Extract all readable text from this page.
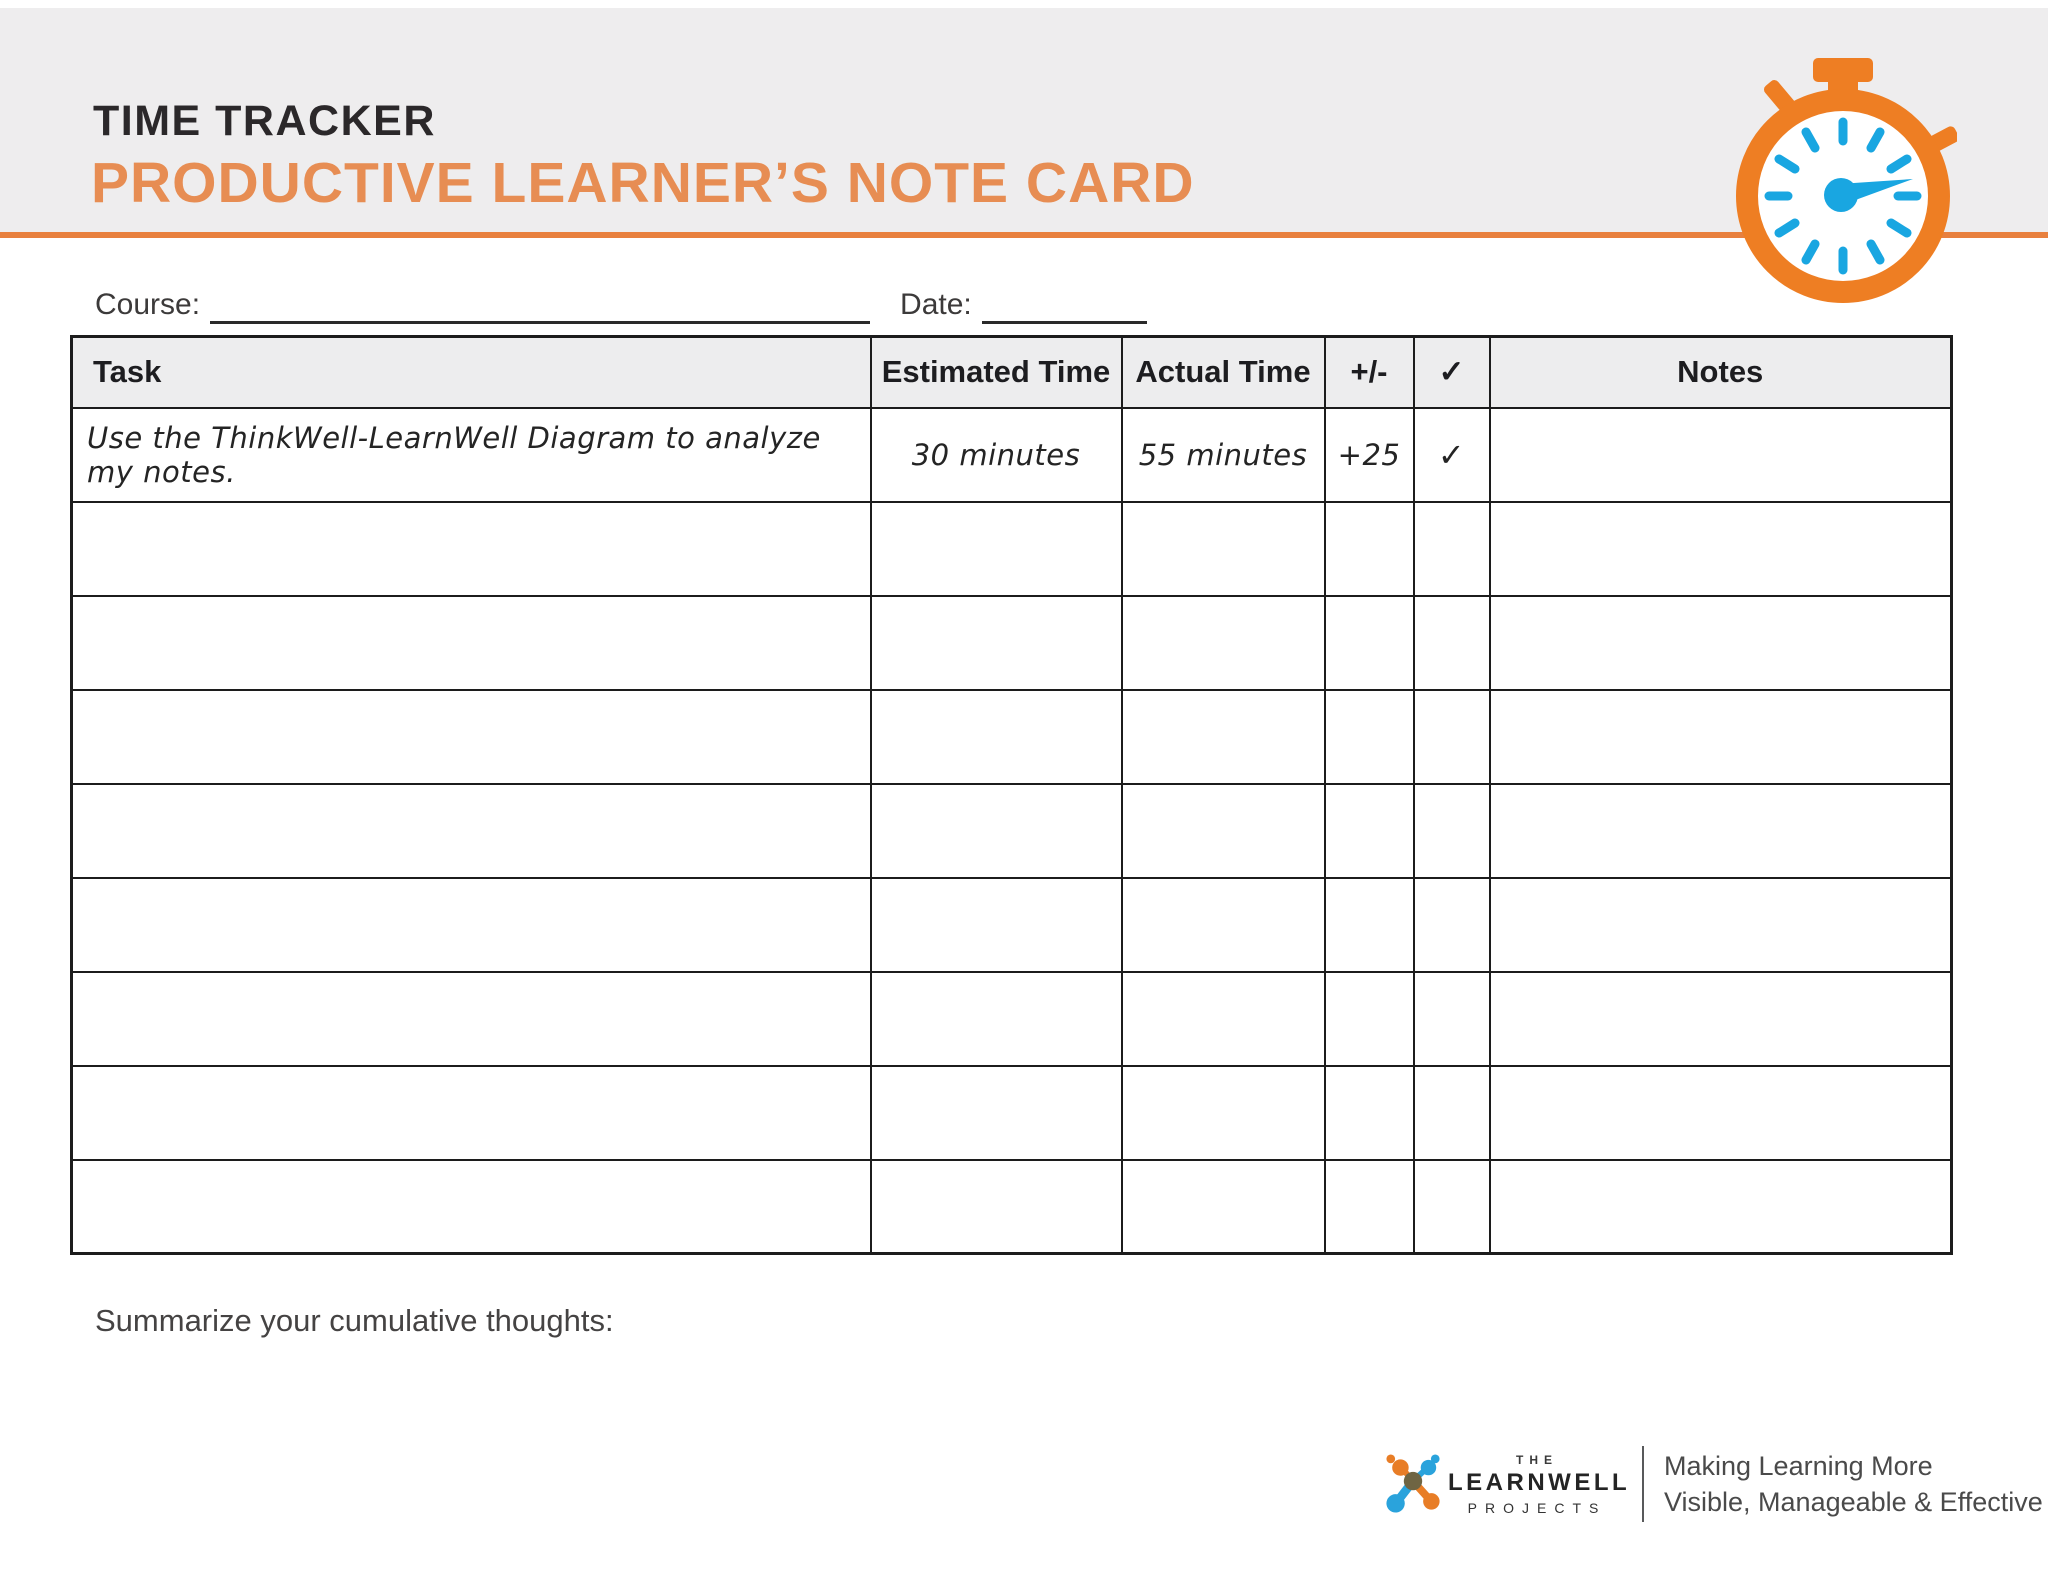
TIME TRACKER
PRODUCTIVE LEARNER’S NOTE CARD
Course:	Date:
Task	Estimated Time	Actual Time	+/-	✓	Notes
Use the ThinkWell-LearnWell Diagram to analyze my notes.	30 minutes	55 minutes	+25	✓	

Summarize your cumulative thoughts:
THE
LEARNWELL
PROJECTS
Making Learning More
Visible, Manageable & Effective
